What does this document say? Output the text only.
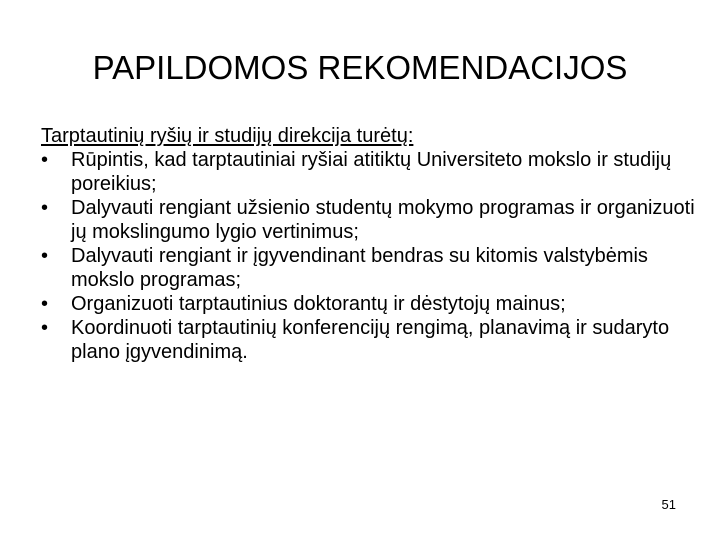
PAPILDOMOS REKOMENDACIJOS
Tarptautinių ryšių ir studijų direkcija turėtų:
•	Rūpintis, kad tarptautiniai ryšiai atitiktų Universiteto mokslo ir studijų poreikius;
•	Dalyvauti rengiant užsienio studentų mokymo programas ir organizuoti jų mokslingumo lygio vertinimus;
•	Dalyvauti rengiant ir įgyvendinant bendras su kitomis valstybėmis mokslo programas;
•	Organizuoti tarptautinius doktorantų ir dėstytojų mainus;
•	Koordinuoti tarptautinių konferencijų rengimą, planavimą ir sudaryto plano įgyvendinimą.
51
